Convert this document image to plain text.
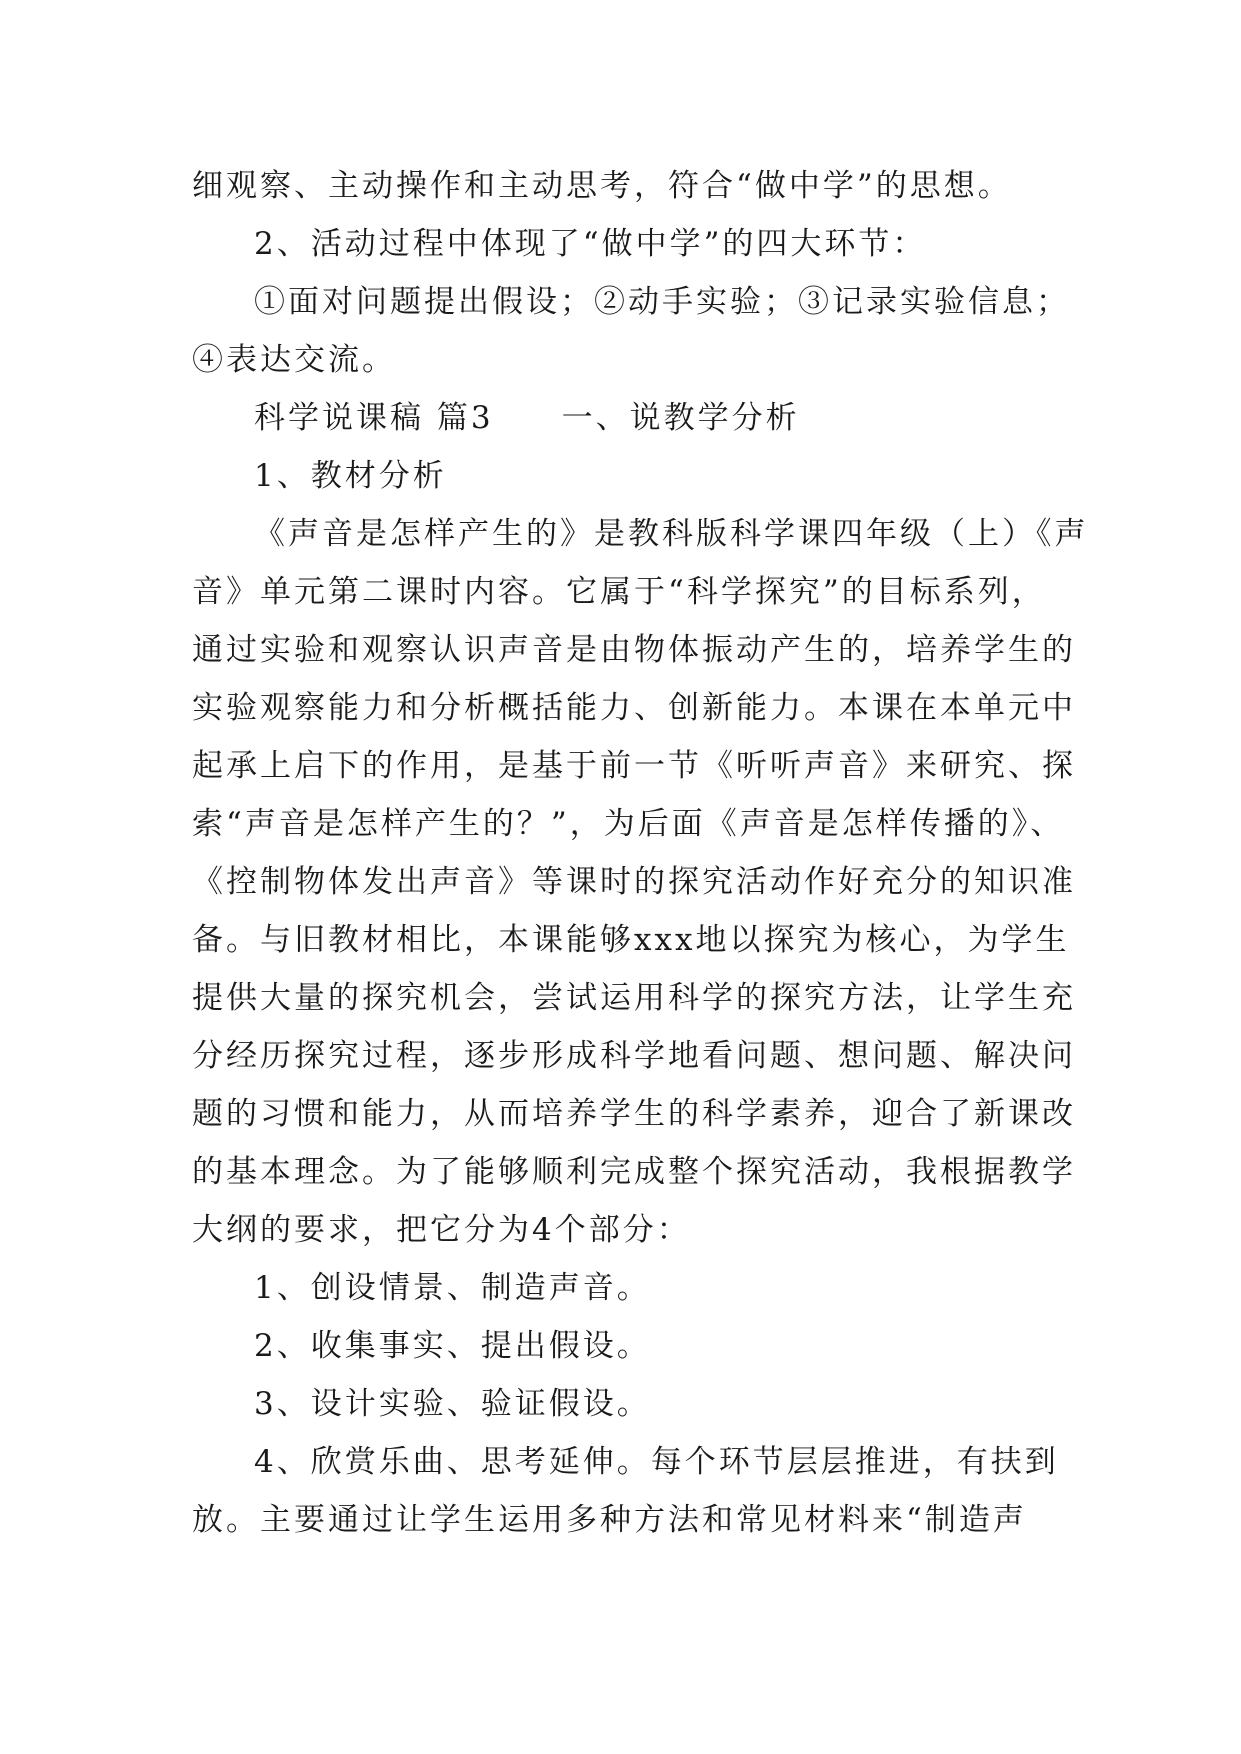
细观察、主动操作和主动思考，符合“做中学”的思想。
2、活动过程中体现了“做中学”的四大环节：
①面对问题提出假设；②动手实验；③记录实验信息；
④表达交流。
科学说课稿 篇3　　一、说教学分析
1、教材分析
《声音是怎样产生的》是教科版科学课四年级（上）《声
音》单元第二课时内容。它属于“科学探究”的目标系列，
通过实验和观察认识声音是由物体振动产生的，培养学生的
实验观察能力和分析概括能力、创新能力。本课在本单元中
起承上启下的作用，是基于前一节《听听声音》来研究、探
索“声音是怎样产生的？”，为后面《声音是怎样传播的》、
《控制物体发出声音》等课时的探究活动作好充分的知识准
备。与旧教材相比，本课能够xxx地以探究为核心，为学生
提供大量的探究机会，尝试运用科学的探究方法，让学生充
分经历探究过程，逐步形成科学地看问题、想问题、解决问
题的习惯和能力，从而培养学生的科学素养，迎合了新课改
的基本理念。为了能够顺利完成整个探究活动，我根据教学
大纲的要求，把它分为4个部分：
1、创设情景、制造声音。
2、收集事实、提出假设。
3、设计实验、验证假设。
4、欣赏乐曲、思考延伸。每个环节层层推进，有扶到
放。主要通过让学生运用多种方法和常见材料来“制造声
